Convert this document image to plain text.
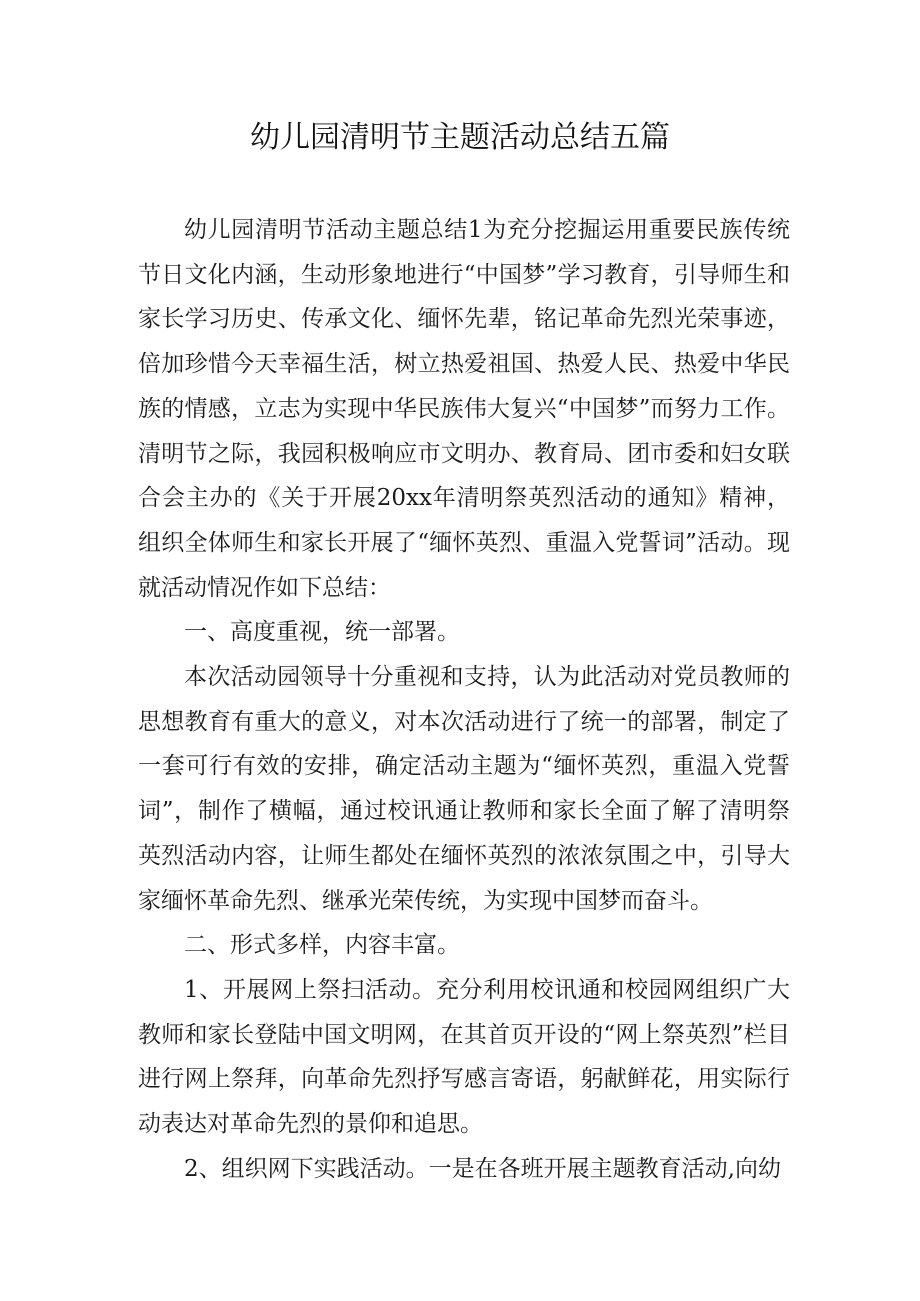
幼儿园清明节主题活动总结五篇

幼儿园清明节活动主题总结1为充分挖掘运用重要民族传统节日文化内涵，生动形象地进行“中国梦”学习教育，引导师生和家长学习历史、传承文化、缅怀先辈，铭记革命先烈光荣事迹，倍加珍惜今天幸福生活，树立热爱祖国、热爱人民、热爱中华民族的情感，立志为实现中华民族伟大复兴“中国梦”而努力工作。清明节之际，我园积极响应市文明办、教育局、团市委和妇女联合会主办的《关于开展20xx年清明祭英烈活动的通知》精神，组织全体师生和家长开展了“缅怀英烈、重温入党誓词”活动。现就活动情况作如下总结：

一、高度重视，统一部署。

本次活动园领导十分重视和支持，认为此活动对党员教师的思想教育有重大的意义，对本次活动进行了统一的部署，制定了一套可行有效的安排，确定活动主题为“缅怀英烈，重温入党誓词”，制作了横幅，通过校讯通让教师和家长全面了解了清明祭英烈活动内容，让师生都处在缅怀英烈的浓浓氛围之中，引导大家缅怀革命先烈、继承光荣传统，为实现中国梦而奋斗。

二、形式多样，内容丰富。

1、开展网上祭扫活动。充分利用校讯通和校园网组织广大教师和家长登陆中国文明网，在其首页开设的“网上祭英烈”栏目进行网上祭拜，向革命先烈抒写感言寄语，躬献鲜花，用实际行动表达对革命先烈的景仰和追思。

2、组织网下实践活动。一是在各班开展主题教育活动,向幼
